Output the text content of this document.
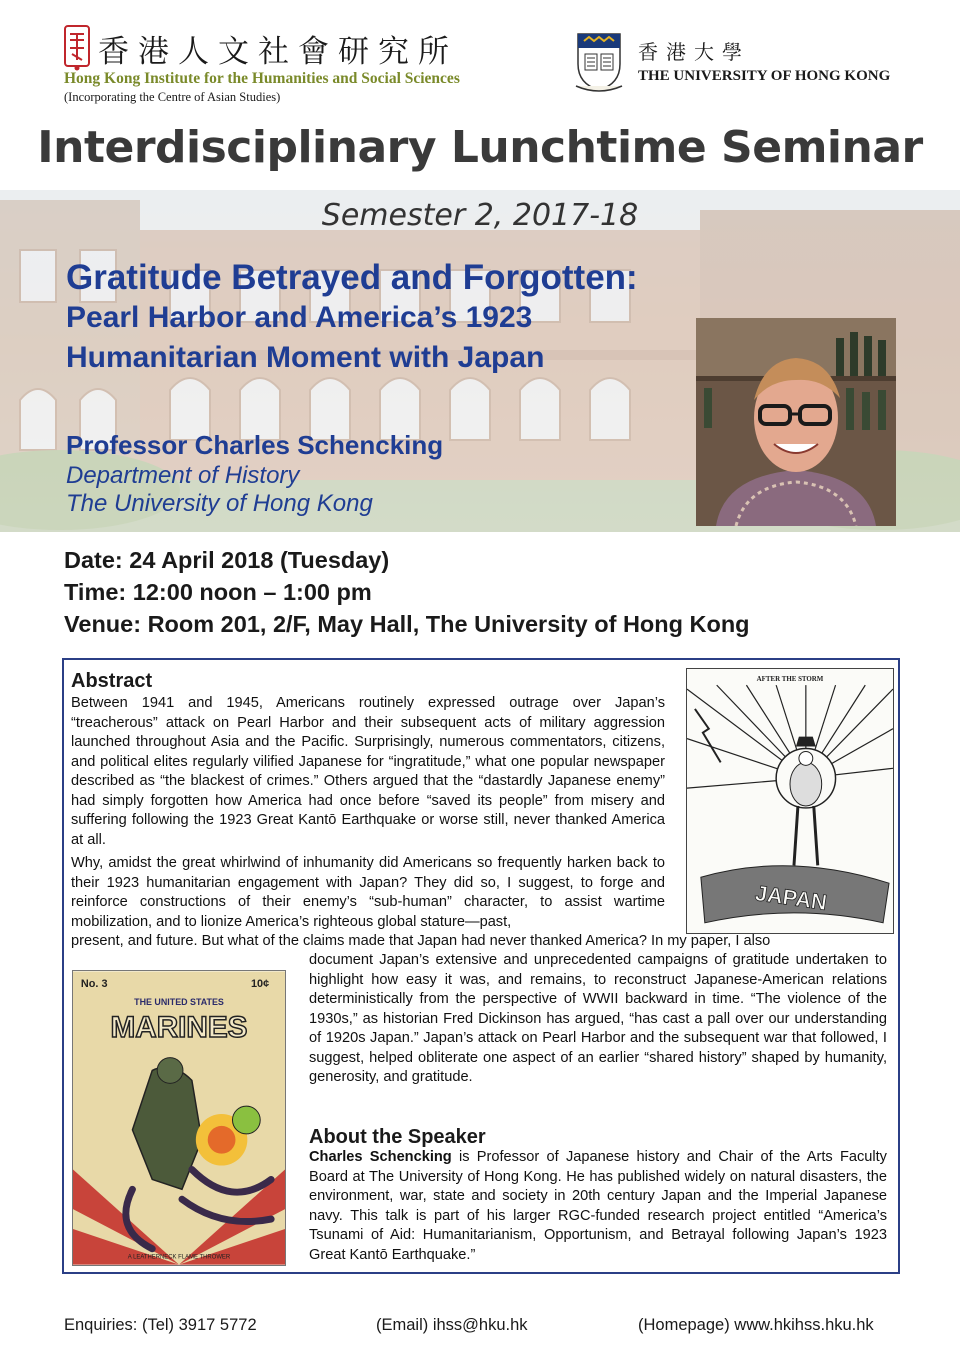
香港人文社會研究所
Hong Kong Institute for the Humanities and Social Sciences
(Incorporating the Centre of Asian Studies)
香港大學
THE UNIVERSITY OF HONG KONG
Interdisciplinary Lunchtime Seminar
Semester 2, 2017-18
Gratitude Betrayed and Forgotten:
Pearl Harbor and America’s 1923
Humanitarian Moment with Japan
Professor Charles Schencking
Department of History
The University of Hong Kong
Date: 24 April 2018 (Tuesday)
Time: 12:00 noon – 1:00 pm
Venue: Room 201, 2/F, May Hall, The University of Hong Kong
Abstract
Between 1941 and 1945, Americans routinely expressed outrage over Japan’s “treacherous” attack on Pearl Harbor and their subsequent acts of military aggression launched throughout Asia and the Pacific. Surprisingly, numerous commentators, citizens, and political elites regularly vilified Japanese for “ingratitude,” what one popular newspaper described as “the blackest of crimes.” Others argued that the “dastardly Japanese enemy” had simply forgotten how America had once before “saved its people” from misery and suffering following the 1923 Great Kantō Earthquake or worse still, never thanked America at all.
Why, amidst the great whirlwind of inhumanity did Americans so frequently harken back to their 1923 humanitarian engagement with Japan? They did so, I suggest, to forge and reinforce constructions of their enemy’s “sub-human” character, to assist wartime mobilization, and to lionize America’s righteous global stature—past,
present, and future. But what of the claims made that Japan had never thanked America? In my paper, I also
document Japan’s extensive and unprecedented campaigns of gratitude undertaken to highlight how easy it was, and remains, to reconstruct Japanese-American relations deterministically from the perspective of WWII backward in time. “The violence of the 1930s,” as historian Fred Dickinson has argued, “has cast a pall over our understanding of 1920s Japan.” Japan’s attack on Pearl Harbor and the subsequent war that followed, I suggest, helped obliterate one aspect of an earlier “shared history” shaped by humanity, generosity, and gratitude.
AFTER THE STORM
JAPAN
No. 3	10¢
THE UNITED STATES
MARINES
A LEATHERNECK FLAME THROWER
About the Speaker
Charles Schencking is Professor of Japanese history and Chair of the Arts Faculty Board at The University of Hong Kong. He has published widely on natural disasters, the environment, war, state and society in 20th century Japan and the Imperial Japanese navy. This talk is part of his larger RGC-funded research project entitled “America’s Tsunami of Aid: Humanitarianism, Opportunism, and Betrayal following Japan’s 1923 Great Kantō Earthquake.”
Enquiries: (Tel) 3917 5772	(Email) ihss@hku.hk	(Homepage) www.hkihss.hku.hk
